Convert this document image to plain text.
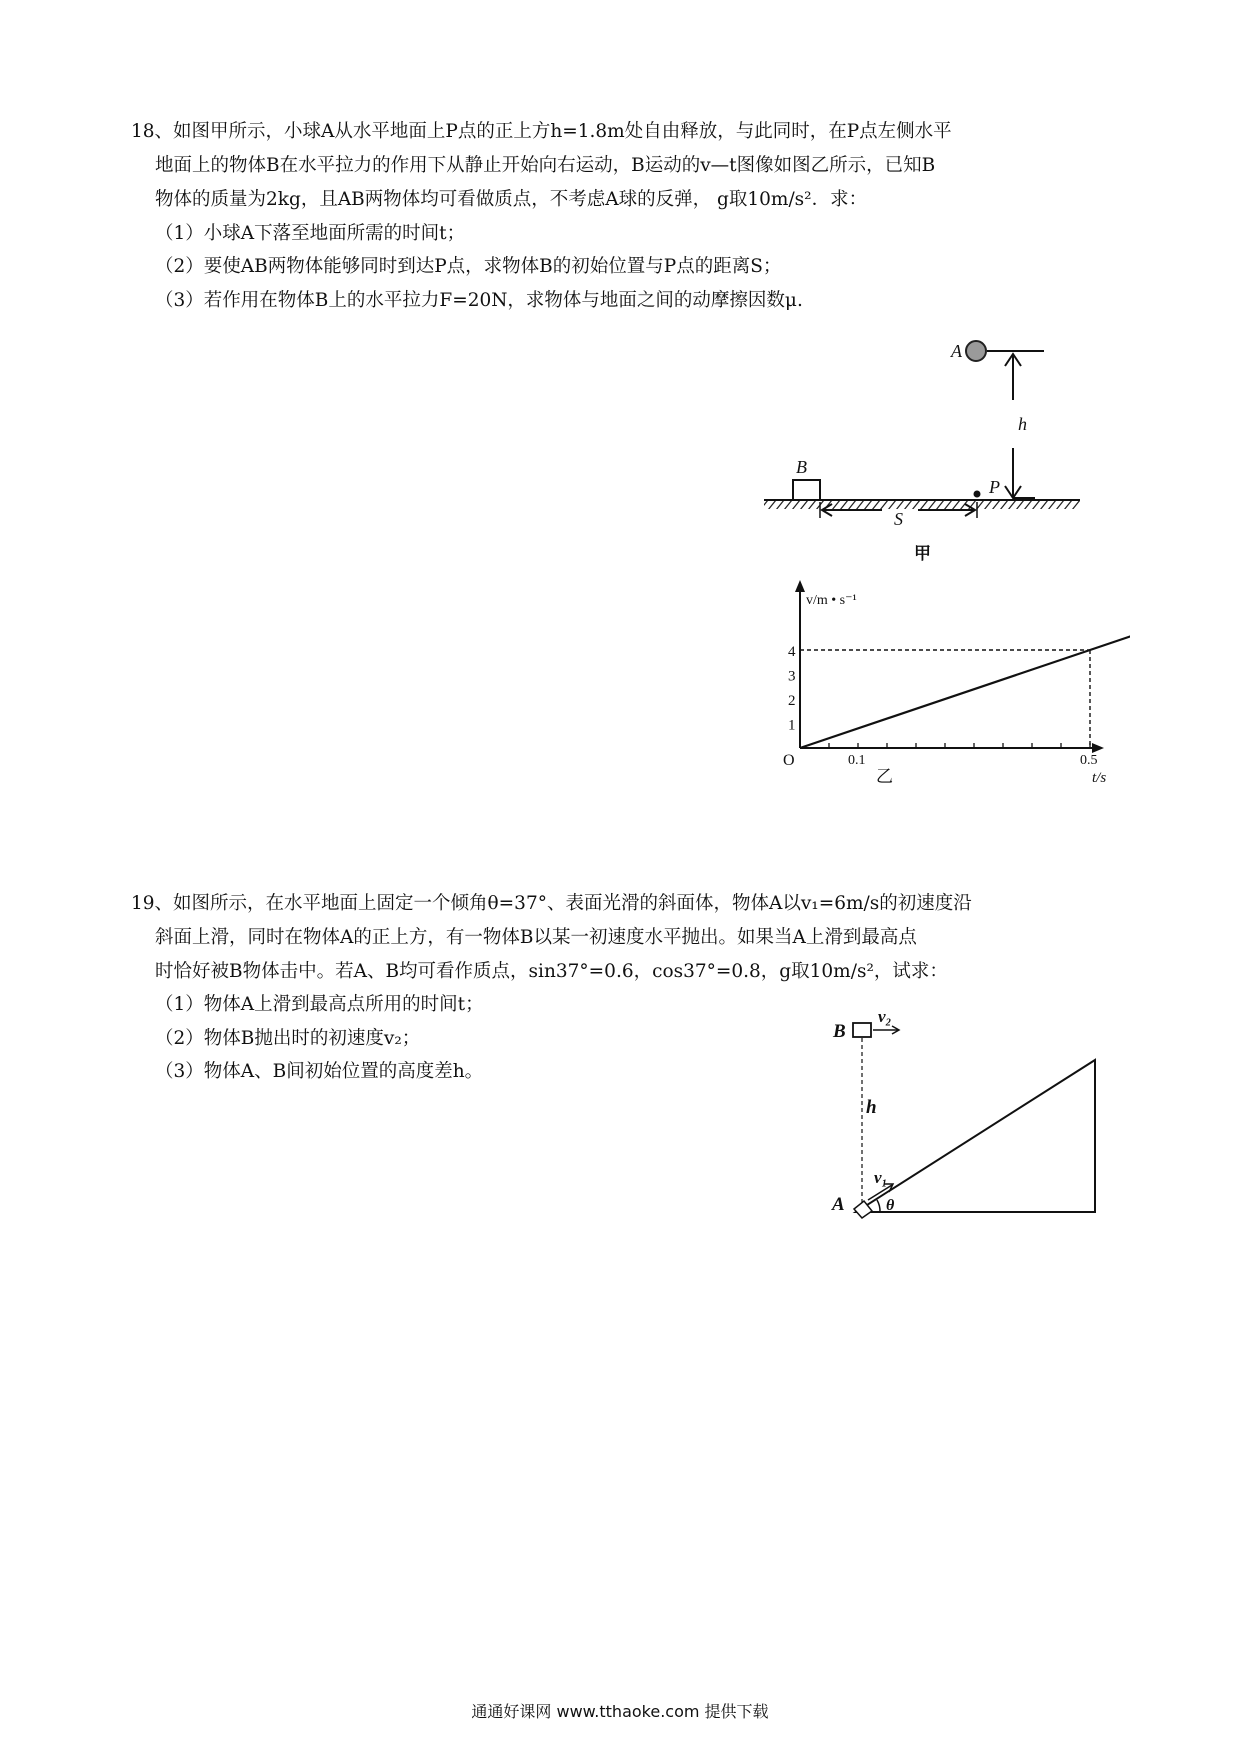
18、如图甲所示，小球A从水平地面上P点的正上方h=1.8m处自由释放，与此同时，在P点左侧水平
地面上的物体B在水平拉力的作用下从静止开始向右运动，B运动的v—t图像如图乙所示，已知B
物体的质量为2kg，且AB两物体均可看做质点，不考虑A球的反弹， g取10m/s²．求：
（1）小球A下落至地面所需的时间t；
（2）要使AB两物体能够同时到达P点，求物体B的初始位置与P点的距离S；
（3）若作用在物体B上的水平拉力F=20N，求物体与地面之间的动摩擦因数μ.
A
h
B
P
S
甲
v/m • s⁻¹
t/s
O
1
2
3
4
0.1	0.5
乙
19、如图所示，在水平地面上固定一个倾角θ=37°、表面光滑的斜面体，物体A以v₁=6m/s的初速度沿
斜面上滑，同时在物体A的正上方，有一物体B以某一初速度水平抛出。如果当A上滑到最高点
时恰好被B物体击中。若A、B均可看作质点，sin37°=0.6，cos37°=0.8，g取10m/s²，试求：
（1）物体A上滑到最高点所用的时间t；
（2）物体B抛出时的初速度v₂；
（3）物体A、B间初始位置的高度差h。
B
v₂
h
A
v₁
θ
通通好课网 www.tthaoke.com 提供下载
